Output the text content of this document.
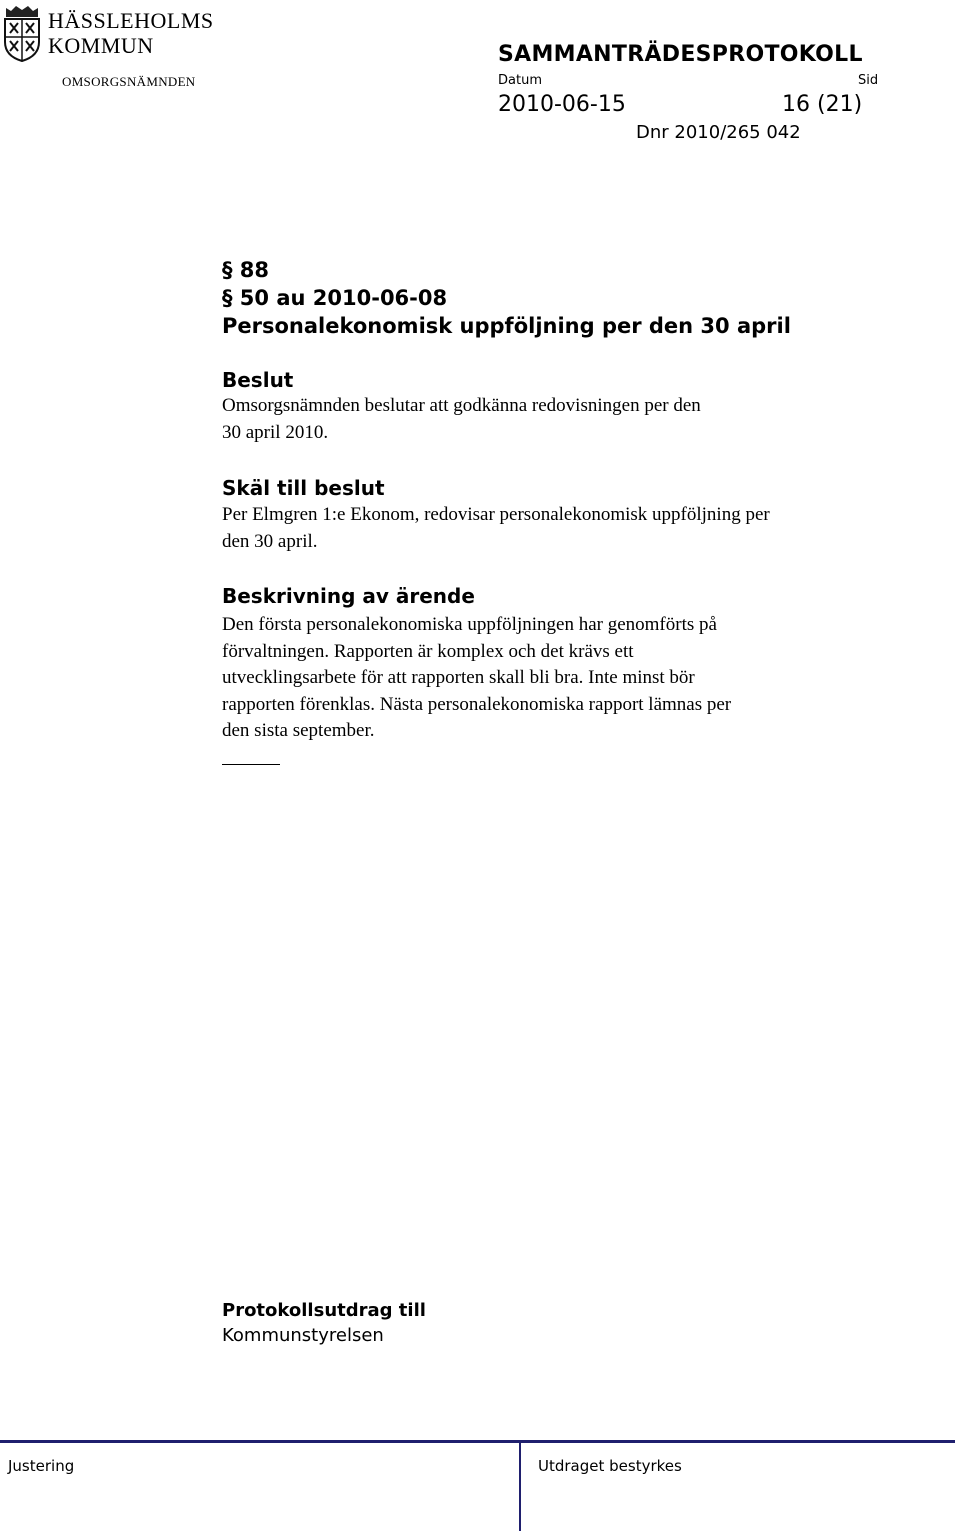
HÄSSLEHOLMS
KOMMUN
OMSORGSNÄMNDEN
SAMMANTRÄDESPROTOKOLL
Datum	Sid
2010-06-15	16 (21)
Dnr 2010/265 042
§ 88
§ 50 au 2010-06-08
Personalekonomisk uppföljning per den 30 april
Beslut
Omsorgsnämnden beslutar att godkänna redovisningen per den
30 april 2010.
Skäl till beslut
Per Elmgren 1:e Ekonom, redovisar personalekonomisk uppföljning per
den 30 april.
Beskrivning av ärende
Den första personalekonomiska uppföljningen har genomförts på
förvaltningen. Rapporten är komplex och det krävs ett
utvecklingsarbete för att rapporten skall bli bra. Inte minst bör
rapporten förenklas. Nästa personalekonomiska rapport lämnas per
den sista september.
Protokollsutdrag till
Kommunstyrelsen
Justering	Utdraget bestyrkes
